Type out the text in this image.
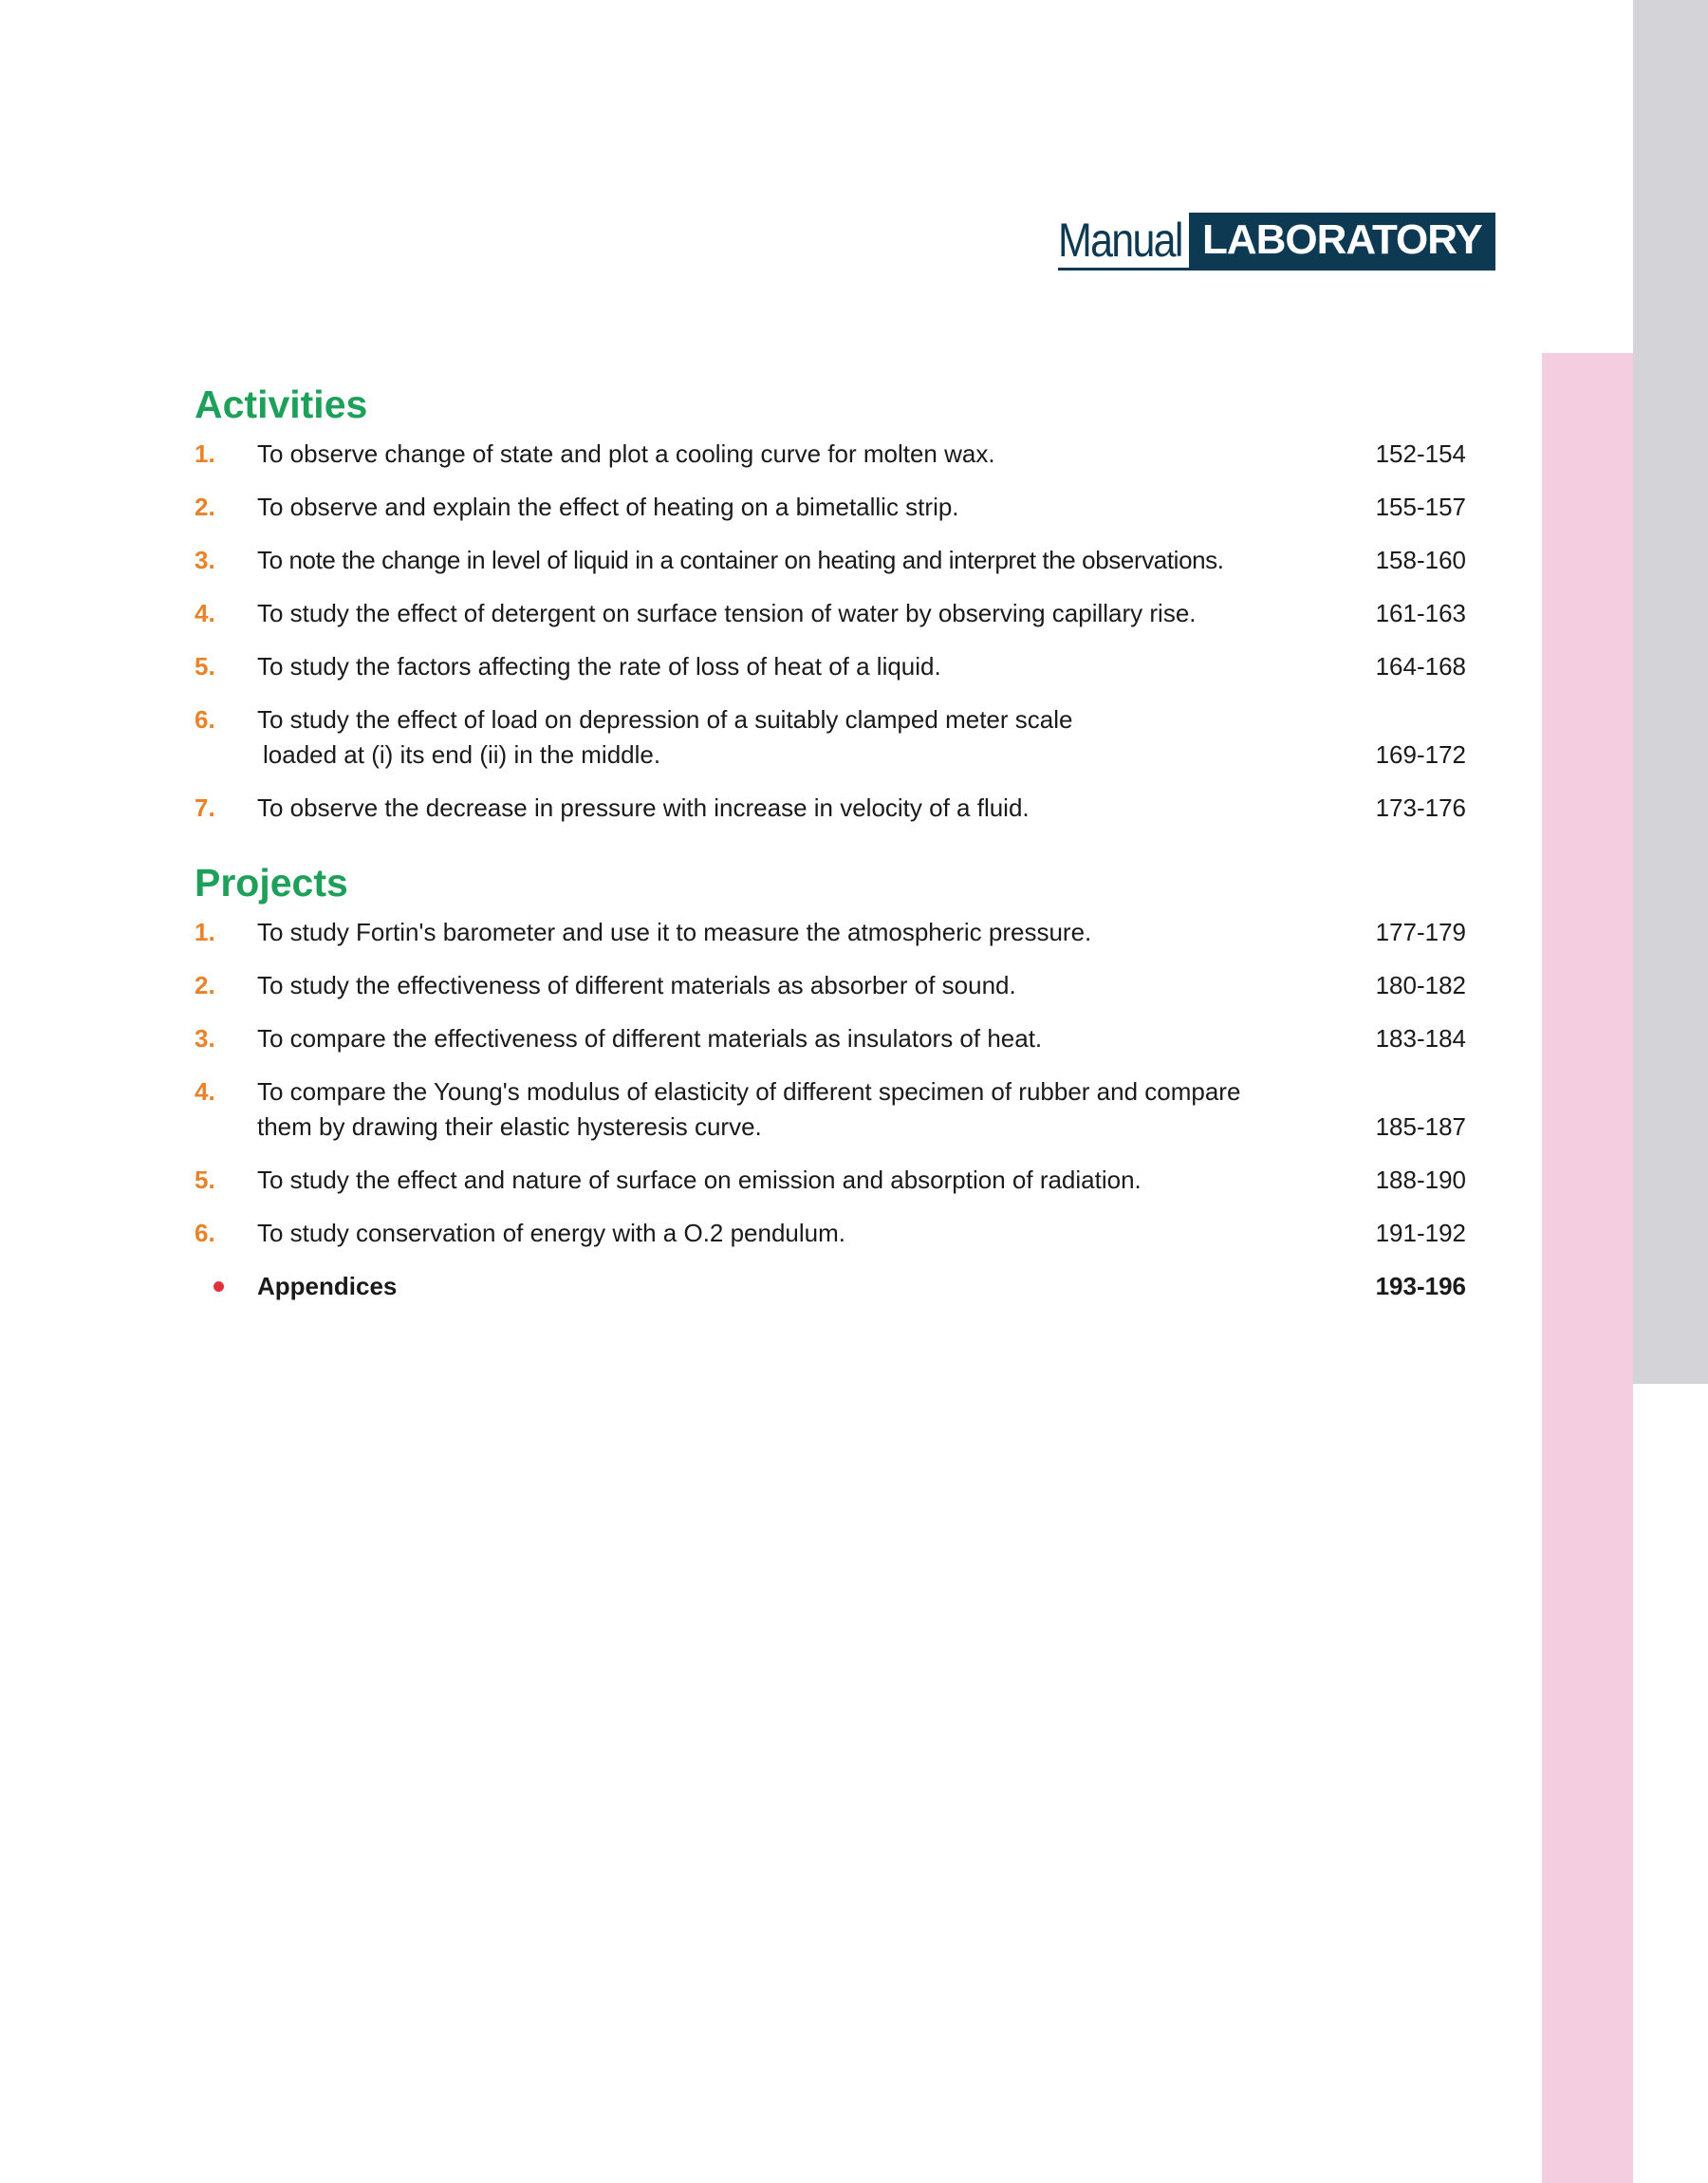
Manual LABORATORY
Activities
1.	To observe change of state and plot a cooling curve for molten wax.	152-154
2.	To observe and explain the effect of heating on a bimetallic strip.	155-157
3.	To note the change in level of liquid in a container on heating and interpret the observations.	158-160
4.	To study the effect of detergent on surface tension of water by observing capillary rise.	161-163
5.	To study the factors affecting the rate of loss of heat of a liquid.	164-168
6.	To study the effect of load on depression of a suitably clamped meter scale
loaded at (i) its end (ii) in the middle.	169-172
7.	To observe the decrease in pressure with increase in velocity of a fluid.	173-176
Projects
1.	To study Fortin's barometer and use it to measure the atmospheric pressure.	177-179
2.	To study the effectiveness of different materials as absorber of sound.	180-182
3.	To compare the effectiveness of different materials as insulators of heat.	183-184
4.	To compare the Young's modulus of elasticity of different specimen of rubber and compare
them by drawing their elastic hysteresis curve.	185-187
5.	To study the effect and nature of surface on emission and absorption of radiation.	188-190
6.	To study conservation of energy with a O.2 pendulum.	191-192
Appendices	193-196
